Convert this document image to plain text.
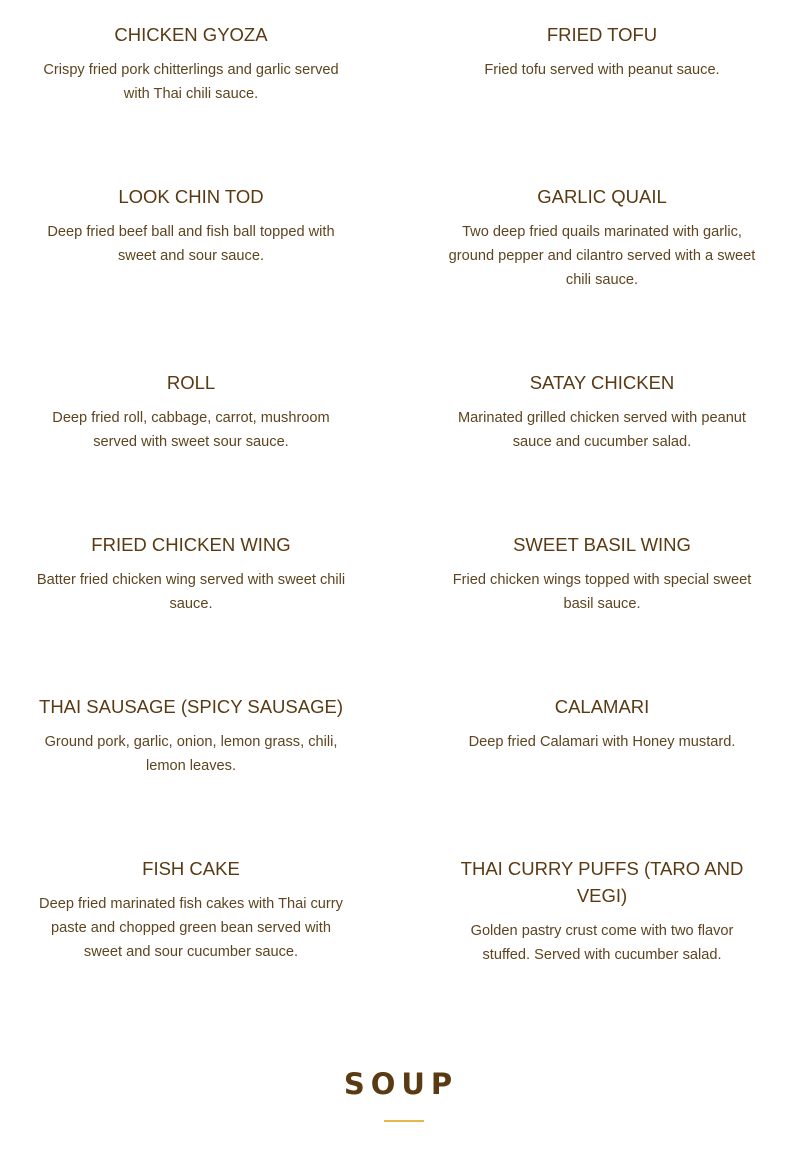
CHICKEN GYOZA

Crispy fried pork chitterlings and garlic served with Thai chili sauce.

FRIED TOFU

Fried tofu served with peanut sauce.

LOOK CHIN TOD

Deep fried beef ball and fish ball topped with sweet and sour sauce.

GARLIC QUAIL

Two deep fried quails marinated with garlic, ground pepper and cilantro served with a sweet chili sauce.

ROLL

Deep fried roll, cabbage, carrot, mushroom served with sweet sour sauce.

SATAY CHICKEN

Marinated grilled chicken served with peanut sauce and cucumber salad.

FRIED CHICKEN WING

Batter fried chicken wing served with sweet chili sauce.

SWEET BASIL WING

Fried chicken wings topped with special sweet basil sauce.

THAI SAUSAGE (SPICY SAUSAGE)

Ground pork, garlic, onion, lemon grass, chili, lemon leaves.

CALAMARI

Deep fried Calamari with Honey mustard.

FISH CAKE

Deep fried marinated fish cakes with Thai curry paste and chopped green bean served with sweet and sour cucumber sauce.

THAI CURRY PUFFS (TARO AND VEGI)

Golden pastry crust come with two flavor stuffed. Served with cucumber salad.

SOUP
